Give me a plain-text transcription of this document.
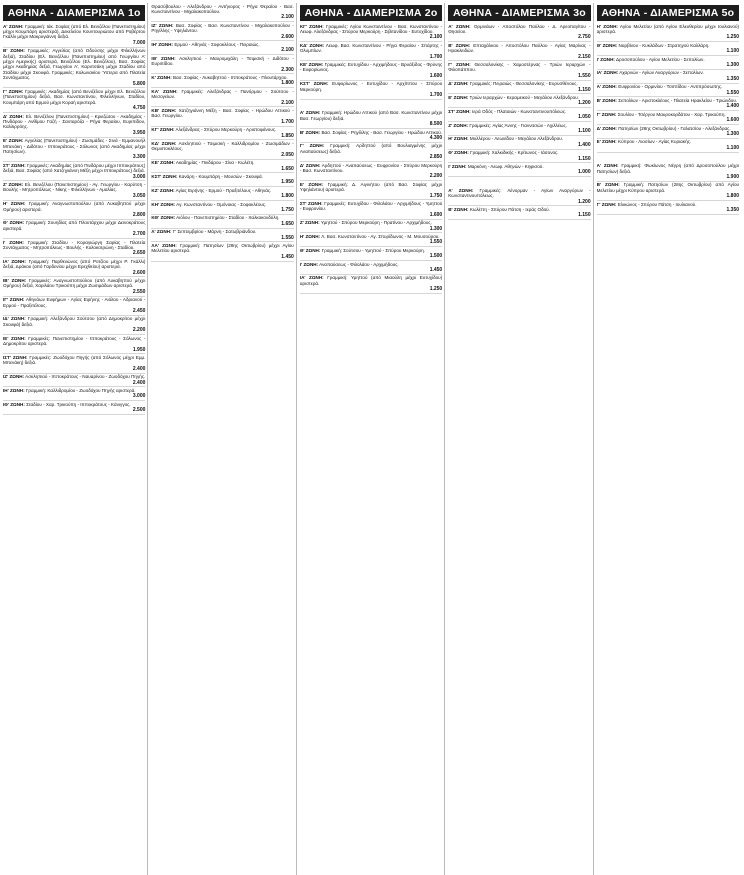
ΑΘΗΝΑ - ΔΙΑΜΕΡΙΣΜΑ 1ο

Α' ΖΩΝΗ: Γραμμική: Ιάκ. Σοφίας (από Ελ. Βενιζέλου (Πανεπιστημίου) μέχρι Κουμπάρη αριστερά), Δεκελείου Κουντουριώτου από Ροβέρτου Γκάλλι μέχρι Μακρυγιάννη δεξιά.
7.000

Β' ΖΩΝΗ: Γραμμικές: Αγγελίας (από Οδούσης μέχρι Φιλελλήνων δεξιά), Σταδίου (Ελ. Βενιζέλου (Πανεπιστημίου) από Γεωργίου Α' μέχρι Αμερικής) αριστερά, Βενιζέλου (Ελ. Βενιζέλου), Βασ. Σοφίας μέχρι Ακαδημίας δεξιά, Γεωργίου Α', Καρυτσάκη μέχρι Σταδίου από Σταδίου μέχρι Σκουφά. Γραμμικές: Κολωνακίου Ύστερα από Πλατεία Συντάγματος.
5.800

Γ' ΖΩΝΗ: Γραμμικές: Ακαδημίας (από Βενιζέλου μέχρι Ελ. Βενιζέλου (Πανεπιστημίου) δεξιά, Βασ. Κωνσταντίνου, Φιλελλήνων, Σταδίου, Κουμπάρη από Ερμού μέχρι Κοραή αριστερά.
4.750

Δ' ΖΩΝΗ: Ελ. Βενιζέλου (Πανεπιστημίου) - Κριεζώτου - Ακαδημίας - Πινδάρου - Ανθίμου Γαζή - Σανταρόζα - Ρήγα Φεραίου, Ευριπίδου, Καλλιρρόης.
3.950

Ε' ΖΩΝΗ: Αγγελίας (Πανεπιστημίου) - Ζωσιμάδες - Σινά - Εμμανουήλ Μπενάκη - Διδότου - Ιπποκράτους - Σόλωνος (από Ακαδημίας μέχρι Πατησίων).
3.300

ΣΤ' ΖΩΝΗ: Γραμμικές: Ακαδημίας (από Πινδάρου μέχρι Ιπποκράτους) δεξιά, Βασ. Σοφίας (από Χατζηγιάννη Μέξη μέχρι Ιπποκράτους) δεξιά.
3.000

Ζ' ΖΩΝΗ: Ελ. Βενιζέλου (Πανεπιστημίου) - Αγ. Γεωργίου - Καρύτση - Βουλής - Μητροπόλεως - Νίκης - Φιλελλήνων - Αμαλίας.
3.050

Η' ΖΩΝΗ: Γραμμική: Αναγνωστοπούλου (από Λυκαβηττού μέχρι Ομήρου) αριστερά.
2.800

Θ' ΖΩΝΗ: Γραμμική: Σουηδίας από Πλουτάρχου μέχρι Δεινοκράτους αριστερά.
2.700

Ι' ΖΩΝΗ: Γραμμική: Σταδίου - Κοραγιώργη Σαρίας - Πλατεία Συντάγματος - Μητροπόλεως - Βουλής - Κολοκοτρώνη - Σταδίου.
2.650

ΙΑ' ΖΩΝΗ: Γραμμική: Παρθενώνος (από Ροτζίου μέχρι Ρ. Γκάλλι) δεξιά, Δράκου (από Γαρδενίου μέχρι Ερεχθείου) αριστερά.
2.600

ΙΒ' ΖΩΝΗ: Γραμμικές: Αναγνωστοπούλου (από Λυκαβηττού μέχρι Ομήρου) δεξιά, Χαριλάου Τρικούπη μέχρι Ζωσιμάδων αριστερά.
2.550

ΙΓ' ΖΩΝΗ: Αθηνάων Ευφήμων - Αγίας Ειρήνης - Αιόλου - Αδριανού - Ερμού - Πραξιτέλους.
2.450

ΙΔ' ΖΩΝΗ: Γραμμική: Αλεξάνδρου Σούτσου (από Δημοκρίτου μέχρι Σκουφά) δεξιά.
2.200

ΙΕ' ΖΩΝΗ: Γραμμικές: Πανεπιστημίου - Ιπποκράτους - Σόλωνος - Δημοκρίτου αριστερά.
1.950

ΙΣΤ' ΖΩΝΗ: Γραμμικές: Ζωοδόχου Πηγής (από Σόλωνος μέχρι Εμμ. Μπενάκη) δεξιά.
2.400

ΙΖ' ΖΩΝΗ: Ασκληπιού - Ιπποκράτους - Ναυαρίνου - Ζωοδόχου Πηγής.
2.400

ΙΗ' ΖΩΝΗ: Γραμμική: Καλλιδρομίου - Ζωοδόχου Πηγής αριστερά.
3.000

ΙΘ' ΖΩΝΗ: Σταδίου - Χαρ. Τρικούπη - Ιπποκράτους - Κάνιγγος.
2.500

Θρασύβουλου - Αλεξάνδρου - Αντήνορος - Ρήγα Φεραίου - Βασ. Κωνσταντίνου - Μιχαλακοπούλου.
2.100

ΙΖ' ΖΩΝΗ: Βασ. Σοφίας - Βασ. Κωνσταντίνου - Μιχαλακοπούλου - Ρηγίλλης - Υψηλάντου.
2.600

ΙΗ' ΖΩΝΗ: Ερμού - Αθηνάς - Σοφοκλέους - Πειραιώς.
2.100

ΙΘ' ΖΩΝΗ: Ασκληπιού - Μαυρομιχάλη - Τσιμισκή - Διδότου - Ευριπίδου.
2.300

Κ' ΖΩΝΗ: Βασ. Σοφίας - Λυκαβηττού - Ιπποκράτους - Πλουτάρχου.
1.800

ΚΑ' ΖΩΝΗ: Γραμμικές: Αλεξάνδρας - Πανόρμου - Σούτσου - Μεσογείων.
2.100

ΚΒ' ΖΩΝΗ: Χατζηγιάννη Μέξη - Βασ. Σοφίας - Ηρώδου Αττικού - Βασ. Γεωργίου.
1.700

ΚΓ' ΖΩΝΗ: Αλεξάνδρας - Σπύρου Μερκούρη - Αριστοφάνους.
1.850

ΚΔ' ΖΩΝΗ: Ασκληπιού - Τσιμισκή - Καλλιδρομίου - Ζωσιμάδων - Θεμιστοκλέους.
2.050

ΚΕ' ΖΩΝΗ: Ακαδημίας - Πινδάρου - Σίνα - Κωλέτη.
1.650

ΚΣΤ' ΖΩΝΗ: Κανάρη - Κουμπάρη - Μουσών - Σκουφά.
1.950

ΚΖ' ΖΩΝΗ: Αγίας Ειρήνης - Ερμού - Πραξιτέλους - Αθηνάς.
1.800

ΚΗ' ΖΩΝΗ: Αγ. Κωνσταντίνου - Ομόνοιας - Σοφοκλέους.
1.750

ΚΘ' ΖΩΝΗ: Αιόλου - Πανεπιστημίου - Σταδίου - Χαλκοκονδύλη.
1.650

Λ' ΖΩΝΗ: Γ' Σεπτεμβρίου - Μάρνη - Σατωβριάνδου.
1.550

ΛΑ' ΖΩΝΗ: Γραμμική: Πατησίων (28ης Οκτωβρίου) μέχρι Αγίου Μελετίου αριστερά.
1.450

ΑΘΗΝΑ - ΔΙΑΜΕΡΙΣΜΑ 2ο

ΚΓ' ΖΩΝΗ: Γραμμικές: Αγίου Κωνσταντίνου - Βασ. Κωνσταντίνου - Λεωφ. Αλεξάνδρας - Σπύρου Μερκούρη - Σιβιτανίδου - Ευτυχίδου.
2.100

ΚΔ' ΖΩΝΗ: Λεωφ. Βασ. Κωνσταντίνου - Ρήγα Φεραίου - Σπάρτης - Ολυμπίων.
1.700

ΚΕ' ΖΩΝΗ: Γραμμικές: Ευτυχίδου - Αρχιμήδους - Βρυάξιδος - Φρύνης - Ευφορίωνος.
1.600

ΚΣΤ' ΖΩΝΗ: Ευφορίωνος - Ευτυχίδου - Αρχίππου - Σπύρου Μερκούρη.
1.700

Α' ΖΩΝΗ: Γραμμική: Ηρώδου Αττικού (από Βασ. Κωνσταντίνου μέχρι Βασ. Γεωργίου) δεξιά.
8.500

Β' ΖΩΝΗ: Βασ. Σοφίας - Ρηγίλλης - Βασ. Γεωργίου - Ηρώδου Αττικού.
4.300

Γ' ΖΩΝΗ: Γραμμική: Αρδηττού (από Βουλιαγμένης μέχρι Αναπαύσεως) δεξιά.
2.850

Δ' ΖΩΝΗ: Αρδηττού - Αναπαύσεως - Ευφρονίου - Σπύρου Μερκούρη - Βασ. Κωνσταντίνου.
2.200

Ε' ΖΩΝΗ: Γραμμική: Δ. Αιγινήτου (από Βασ. Σοφίας μέχρι Υψηλάντου) αριστερά.
1.750

ΣΤ' ΖΩΝΗ: Γραμμικές: Ευτυχίδου - Φιλολάου - Αρχιμήδους - Υμηττού - Ευφρονίου.
1.600

Ζ' ΖΩΝΗ: Υμηττού - Σπύρου Μερκούρη - Πρατίνου - Αρχιμήδους.
1.300

Η' ΖΩΝΗ: Λ. Βασ. Κωνσταντίνου - Αγ. Σπυρίδωνος - Μ. Μουσούρου.
1.550

Θ' ΖΩΝΗ: Γραμμική: Σούτσου - Υμηττού - Σπύρου Μερκούρη.
1.500

Ι' ΖΩΝΗ: Αναπαύσεως - Φιλολάου - Αρχιμήδους.
1.450

ΙΑ' ΖΩΝΗ: Γραμμική: Υμηττού (από Μιαούλη μέχρι Ευτυχίδου) αριστερά.
1.250

ΑΘΗΝΑ - ΔΙΑΜΕΡΙΣΜΑ 3ο

Α' ΖΩΝΗ: Ορμινάων - Αποστόλου Παύλου - Δ. Αρεοπαγίτου - Θησείου.
2.750

Β' ΖΩΝΗ: Επταχάλκου - Αποστόλου Παύλου - Αγίας Μαρίνας - Ηρακλειδών.
2.150

Γ' ΖΩΝΗ: Θεσσαλονίκης - Χαμοστέρνας - Τριών Ιεραρχών - Φιλοπάππου.
1.550

Δ' ΖΩΝΗ: Γραμμικές: Πειραιώς - Θεσσαλονίκης - Ευρυσθένους.
1.150

Ε' ΖΩΝΗ: Τριών Ιεραρχών - Κεραμεικού - Μεγάλου Αλεξάνδρου.
1.200

ΣΤ' ΖΩΝΗ: Ιερά Οδός - Πλαταιών - Κωνσταντινουπόλεως.
1.050

Ζ' ΖΩΝΗ: Γραμμικές: Αγίας Άννης - Γιαννιτσών - Αχιλλέως.
1.100

Η' ΖΩΝΗ: Μυλλέρου - Λεωνίδου - Μεγάλου Αλεξάνδρου.
1.400

Θ' ΖΩΝΗ: Γραμμική: Χαλκιδικής - Κρίτωνος - Ιάσονος.
1.150

Ι' ΖΩΝΗ: Μαρκόνη - Λεωφ. Αθηνών - Κηφισού.
1.000

Α' ΖΩΝΗ: Γραμμικές: Λένορμαν - Αγίων Αναργύρων - Κωνσταντινουπόλεως.
1.200

Β' ΖΩΝΗ: Κωλέττη - Σπύρου Πάτση - Ιεράς Οδού.
1.150

ΑΘΗΝΑ - ΔΙΑΜΕΡΙΣΜΑ 5ο

Η' ΖΩΝΗ: Αγίου Μελετίου (από Αγίου Ελευθερίου μέχρι Ιουλιανού) αριστερά.
1.250

Θ' ΖΩΝΗ: Ναρβίνου - Κυκλάδων - Στρατηγού Καλλάρη.
1.100

Ι' ΖΩΝΗ: Δροσοπούλου - Αγίου Μελετίου - Σεπολίων.
1.300

ΙΑ' ΖΩΝΗ: Αχαρνών - Αγίων Αναργύρων - Σεπολίων.
1.350

Α' ΖΩΝΗ: Ευφρονίου - Ορμινίου - Τσιπτίδου - Αντιπρόσωπης.
1.550

Β' ΖΩΝΗ: Σεπολίων - Αριστοκλέους - Πλατεία Ηρακλείου - Τριώνδου.
1.400

Γ' ΖΩΝΗ: Σουλίου - Τσέργου Μαυροκορδάτου - Χαρ. Τρικούπη.
1.600

Δ' ΖΩΝΗ: Πατησίων (28ης Οκτωβρίου) - Γαλατσίου - Αλεξάνδρας.
1.300

Ε' ΖΩΝΗ: Κύπρου - Λιοσίων - Αγίας Κυριακής.
1.100

Α' ΖΩΝΗ: Γραμμική: Φωκίωνος Νέγρη (από Δροσοπούλου μέχρι Πατησίων) δεξιά.
1.900

Β' ΖΩΝΗ: Γραμμική: Πατησίων (28ης Οκτωβρίου) από Αγίου Μελετίου μέχρι Κύπρου αριστερά.
1.800

Γ' ΖΩΝΗ: Ελικώνος - Σπύρου Πάτση - Ιουλιανού.
1.350
